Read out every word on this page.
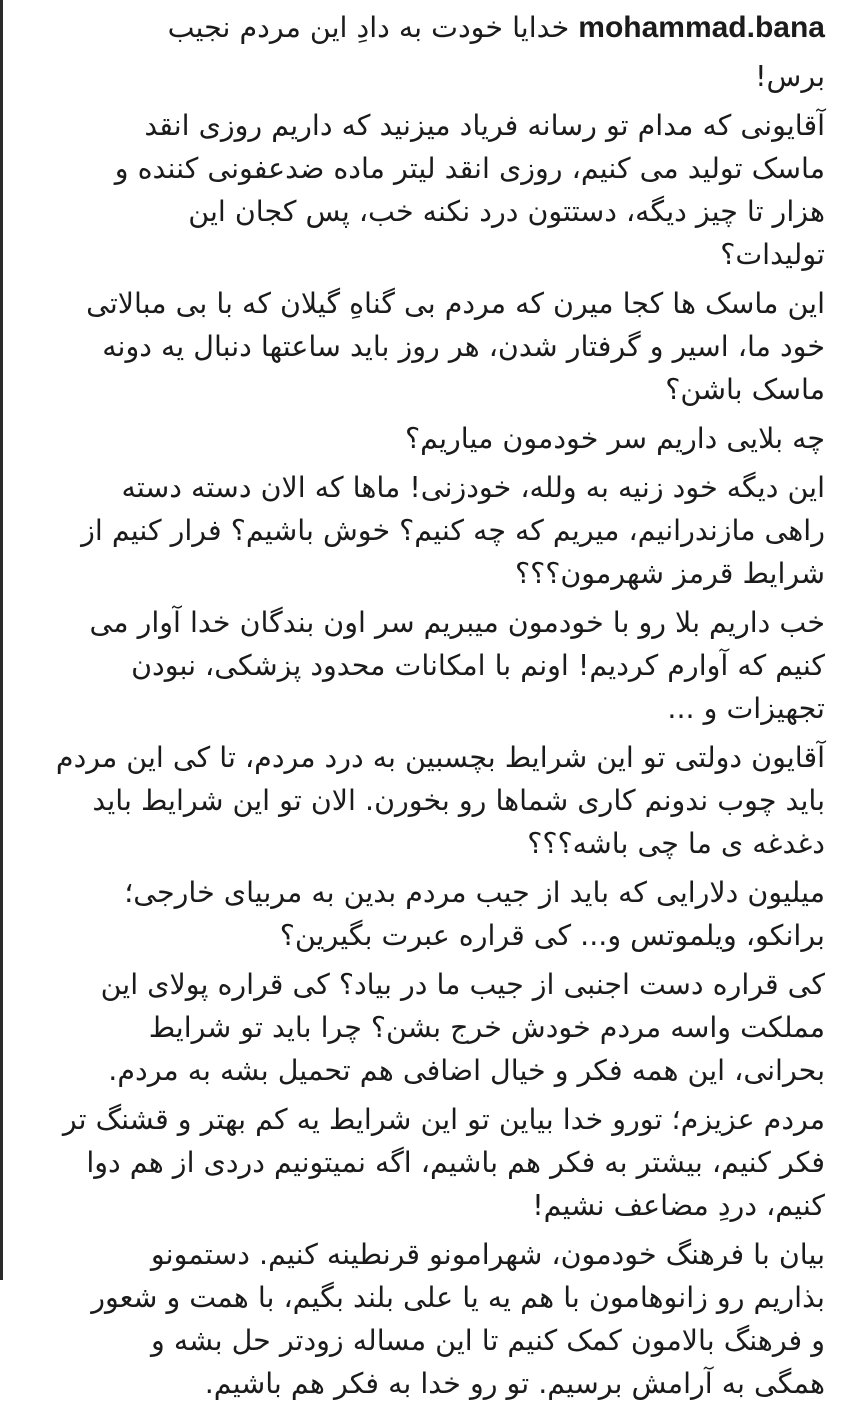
mohammad.bana خدایا خودت به دادِ این مردم نجیب
برس!
آقایونی که مدام تو رسانه فریاد میزنید که داریم روزی انقد
ماسک تولید می کنیم، روزی انقد لیتر ماده ضدعفونی کننده و
هزار تا چیز دیگه، دستتون درد نکنه خب، پس کجان این
تولیدات؟
این ماسک ها کجا میرن که مردم بی گناهِ گیلان که با بی مبالاتی
خود ما، اسیر و گرفتار شدن، هر روز باید ساعتها دنبال یه دونه
ماسک باشن؟
چه بلایی داریم سر خودمون میاریم؟
این دیگه خود زنیه به ولله، خودزنی! ماها که الان دسته دسته
راهی مازندرانیم، میریم که چه کنیم؟ خوش باشیم؟ فرار کنیم از
شرایط قرمز شهرمون؟؟؟
خب داریم بلا رو با خودمون میبریم سر اون بندگان خدا آوار می
کنیم که آوارم کردیم! اونم با امکانات محدود پزشکی، نبودن
تجهیزات و ...
آقایون دولتی تو این شرایط بچسبین به درد مردم، تا کی این مردم
باید چوب ندونم کاری شماها رو بخورن. الان تو این شرایط باید
دغدغه ی ما چی باشه؟؟؟
میلیون دلارایی که باید از جیب مردم بدین به مربیای خارجی؛
برانکو، ویلموتس و... کی قراره عبرت بگیرین؟
کی قراره دست اجنبی از جیب ما در بیاد؟ کی قراره پولای این
مملکت واسه مردم خودش خرج بشن؟ چرا باید تو شرایط
بحرانی، این همه فکر و خیال اضافی هم تحمیل بشه به مردم.
مردم عزیزم؛ تورو خدا بیاین تو این شرایط یه کم بهتر و قشنگ تر
فکر کنیم، بیشتر به فکر هم باشیم، اگه نمیتونیم دردی از هم دوا
کنیم، دردِ مضاعف نشیم!
بیان با فرهنگ خودمون، شهرامونو قرنطینه کنیم. دستمونو
بذاریم رو زانوهامون با هم یه یا علی بلند بگیم، با همت و شعور
و فرهنگ بالامون کمک کنیم تا این مساله زودتر حل بشه و
همگی به آرامش برسیم. تو رو خدا به فکر هم باشیم.
